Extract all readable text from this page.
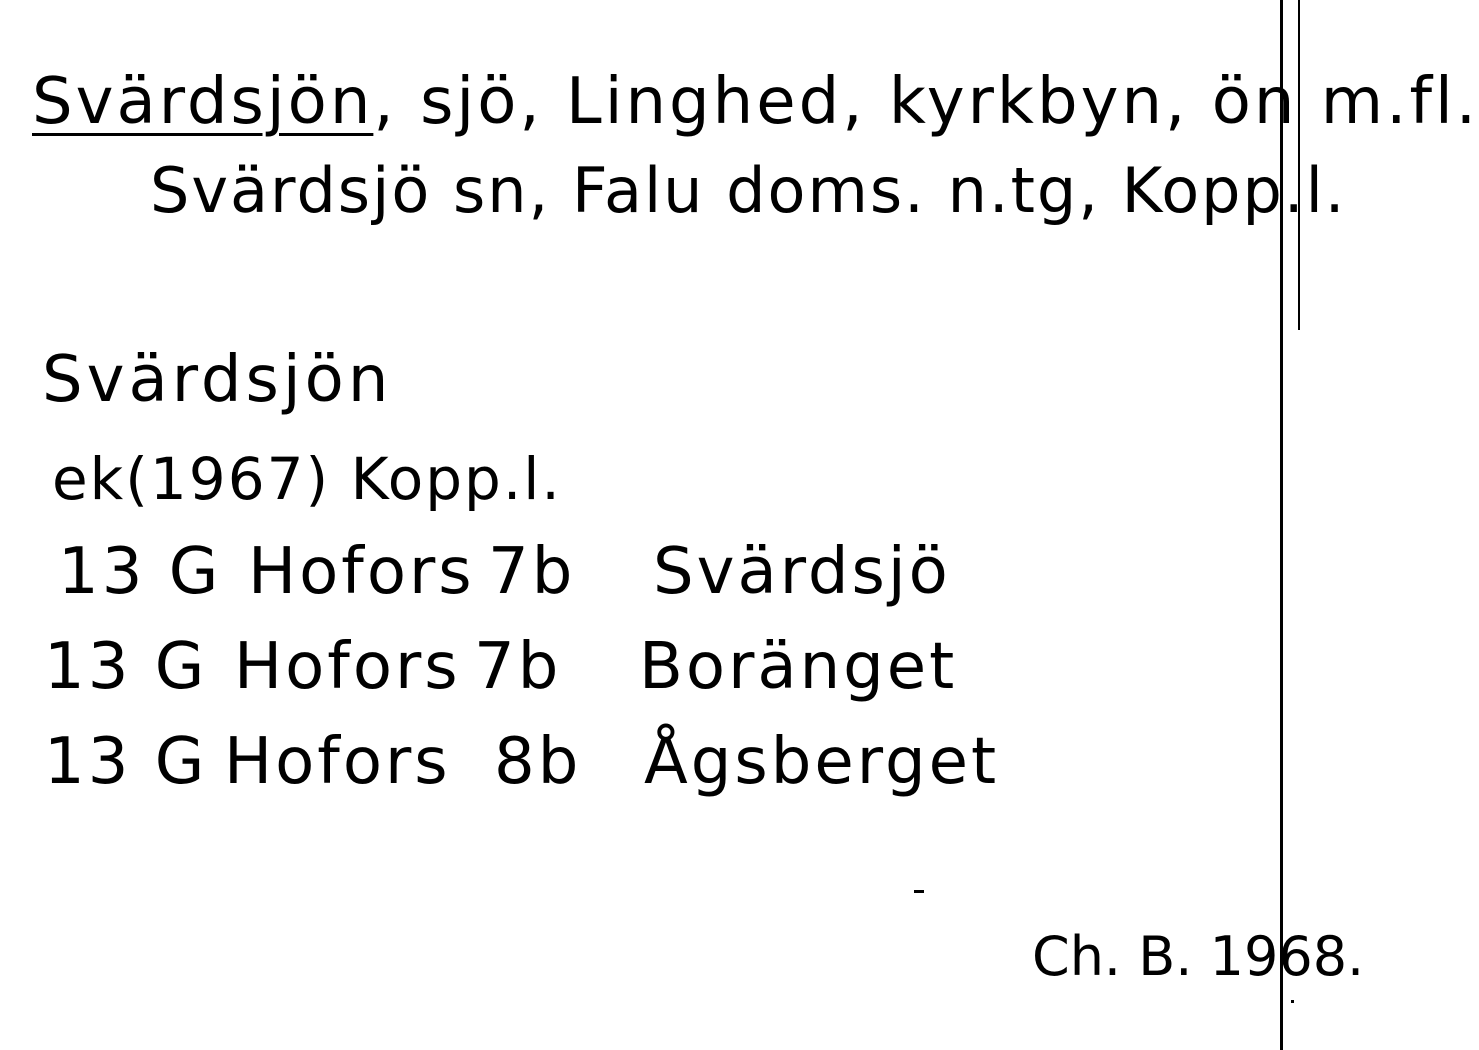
Svärdsjön, sjö, Linghed, kyrkbyn, ön m.fl.
Svärdsjö sn, Falu doms. n.tg, Kopp.l.
Svärdsjön
ek(1967) Kopp.l.
13 G Hofors 7b Svärdsjö
13 G Hofors 7b Boränget
13 G Hofors 8b Ågsberget
Ch. B. 1968.
